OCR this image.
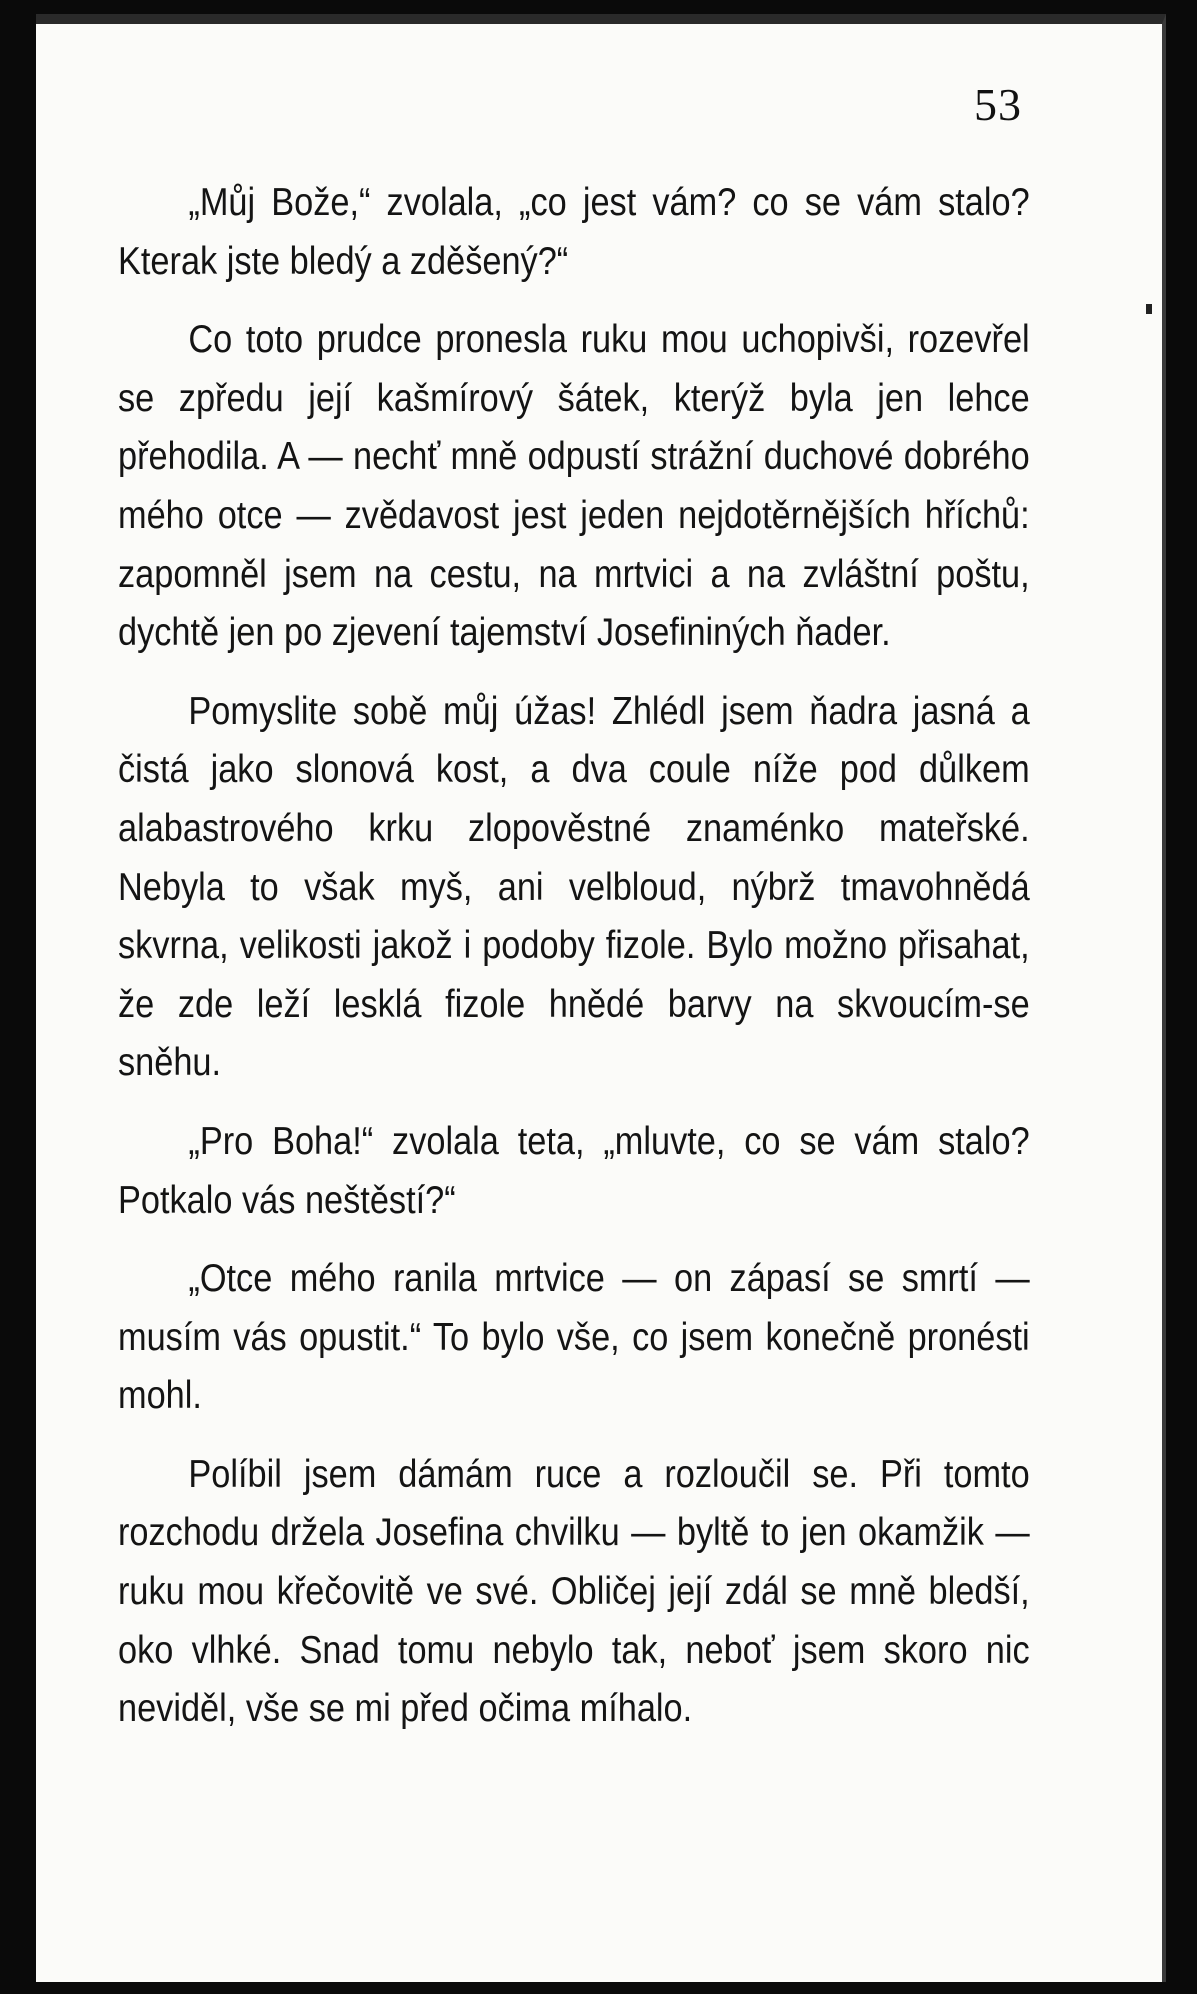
53

„Můj Bože,“ zvolala, „co jest vám? co se vám stalo? Kterak jste bledý a zděšený?“

Co toto prudce pronesla ruku mou uchopivši, rozevřel se zpředu její kašmírový šátek, kterýž byla jen lehce přehodila. A — nechť mně odpustí strážní duchové dobrého mého otce — zvědavost jest jeden nejdotěrnějších hříchů: zapomněl jsem na cestu, na mrtvici a na zvláštní poštu, dychtě jen po zjevení tajemství Josefininých ňader.

Pomyslite sobě můj úžas! Zhlédl jsem ňadra jasná a čistá jako slonová kost, a dva coule níže pod důlkem alabastrového krku zlopověstné znaménko mateřské. Nebyla to však myš, ani velbloud, nýbrž tmavohnědá skvrna, velikosti jakož i podoby fizole. Bylo možno přisahat, že zde leží lesklá fizole hnědé barvy na skvoucím-se sněhu.

„Pro Boha!“ zvolala teta, „mluvte, co se vám stalo? Potkalo vás neštěstí?“

„Otce mého ranila mrtvice — on zápasí se smrtí — musím vás opustit.“ To bylo vše, co jsem konečně pronésti mohl.

Políbil jsem dámám ruce a rozloučil se. Při tomto rozchodu držela Josefina chvilku — byltě to jen okamžik — ruku mou křečovitě ve své. Obličej její zdál se mně bledší, oko vlhké. Snad tomu nebylo tak, neboť jsem skoro nic neviděl, vše se mi před očima míhalo.
